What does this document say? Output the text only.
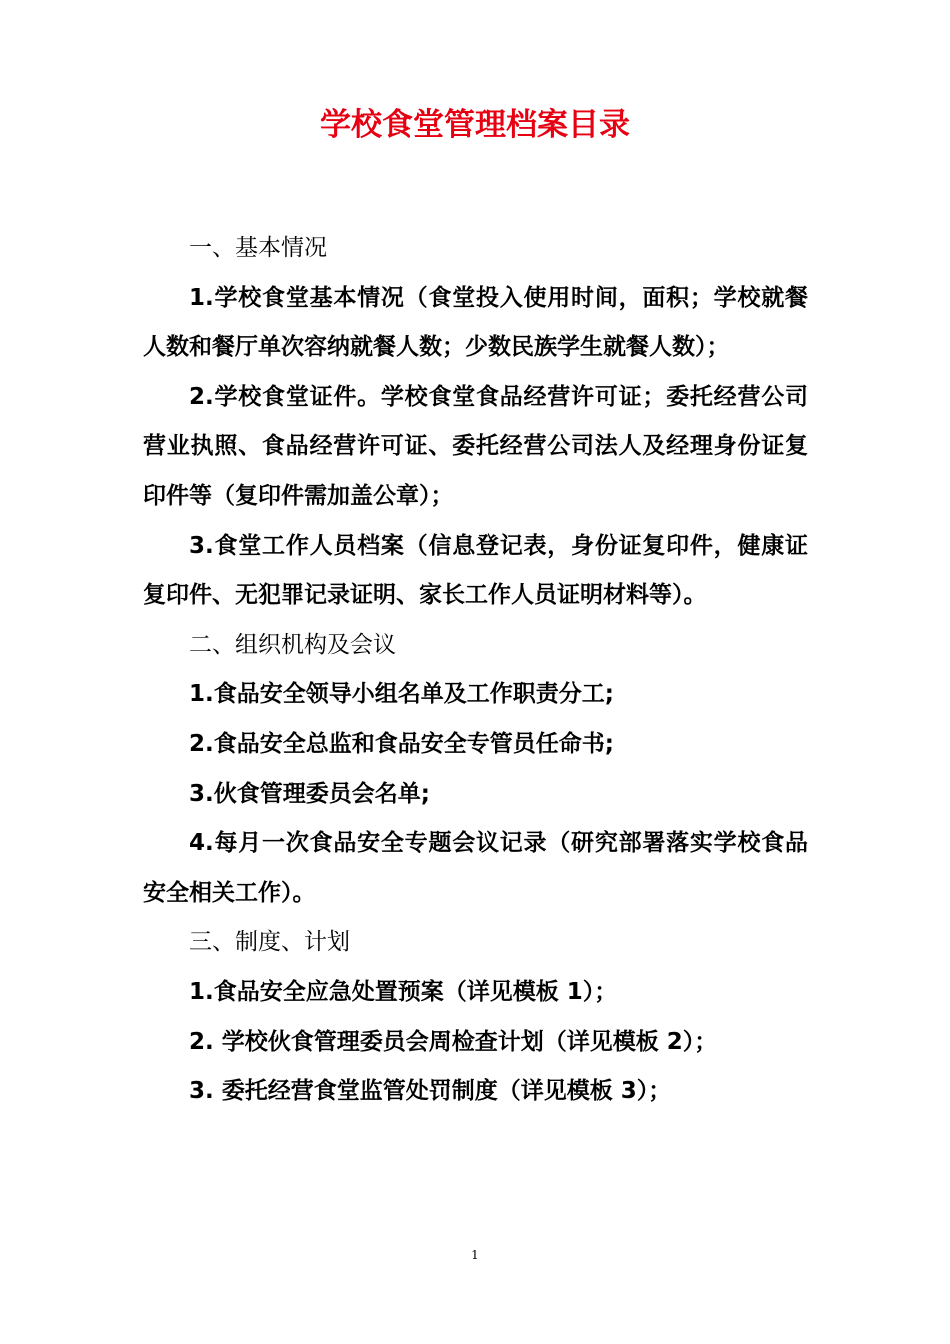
学校食堂管理档案目录

一、基本情况

1.学校食堂基本情况（食堂投入使用时间，面积；学校就餐人数和餐厅单次容纳就餐人数；少数民族学生就餐人数）；

2.学校食堂证件。学校食堂食品经营许可证；委托经营公司营业执照、食品经营许可证、委托经营公司法人及经理身份证复印件等（复印件需加盖公章）；

3.食堂工作人员档案（信息登记表，身份证复印件，健康证复印件、无犯罪记录证明、家长工作人员证明材料等）。

二、组织机构及会议

1.食品安全领导小组名单及工作职责分工;

2.食品安全总监和食品安全专管员任命书;

3.伙食管理委员会名单;

4.每月一次食品安全专题会议记录（研究部署落实学校食品安全相关工作）。

三、制度、计划

1.食品安全应急处置预案（详见模板 1）；

2. 学校伙食管理委员会周检查计划（详见模板 2）；

3. 委托经营食堂监管处罚制度（详见模板 3）；

1
